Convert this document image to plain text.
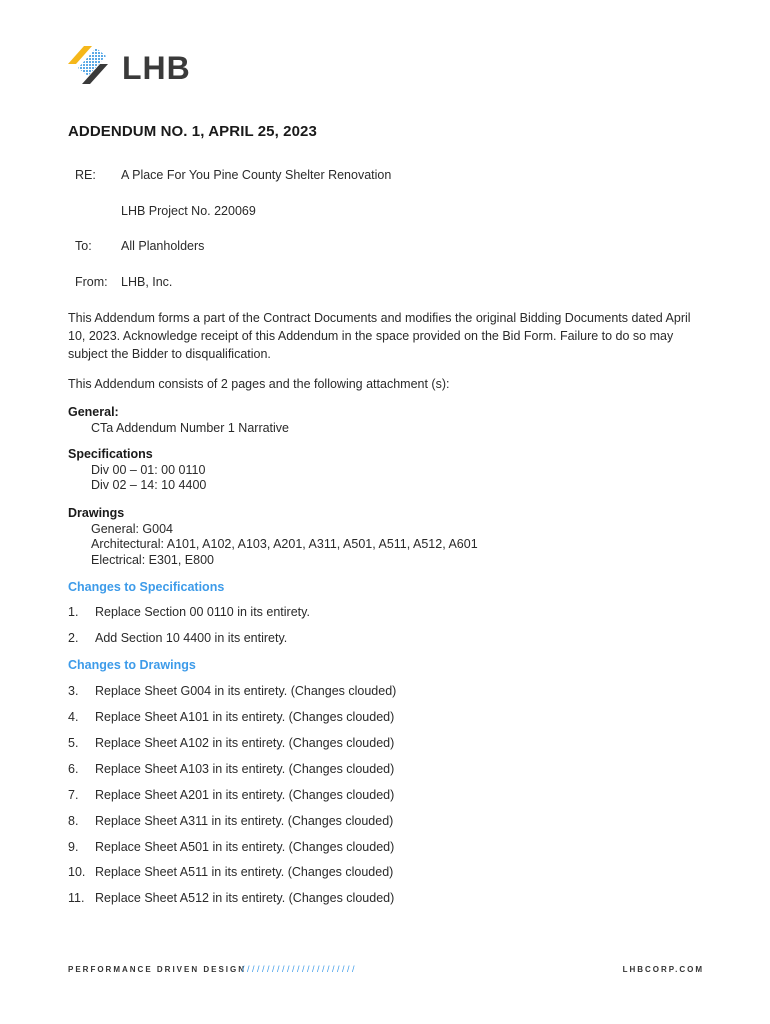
LHB
ADDENDUM NO. 1, APRIL 25, 2023
RE: A Place For You Pine County Shelter Renovation
LHB Project No. 220069
To: All Planholders
From: LHB, Inc.

This Addendum forms a part of the Contract Documents and modifies the original Bidding Documents dated April 10, 2023. Acknowledge receipt of this Addendum in the space provided on the Bid Form. Failure to do so may subject the Bidder to disqualification.

This Addendum consists of 2 pages and the following attachment (s):

General:
CTa Addendum Number 1 Narrative
Specifications
Div 00 – 01: 00 0110
Div 02 – 14: 10 4400
Drawings
General: G004
Architectural: A101, A102, A103, A201, A311, A501, A511, A512, A601
Electrical: E301, E800
Changes to Specifications
1. Replace Section 00 0110 in its entirety.
2. Add Section 10 4400 in its entirety.
Changes to Drawings
3. Replace Sheet G004 in its entirety. (Changes clouded)
4. Replace Sheet A101 in its entirety. (Changes clouded)
5. Replace Sheet A102 in its entirety. (Changes clouded)
6. Replace Sheet A103 in its entirety. (Changes clouded)
7. Replace Sheet A201 in its entirety. (Changes clouded)
8. Replace Sheet A311 in its entirety. (Changes clouded)
9. Replace Sheet A501 in its entirety. (Changes clouded)
10. Replace Sheet A511 in its entirety. (Changes clouded)
11. Replace Sheet A512 in its entirety. (Changes clouded)
PERFORMANCE DRIVEN DESIGN
/ / / / / / / / / / / / / / / / / / / / / / /	LHBCORP.COM
